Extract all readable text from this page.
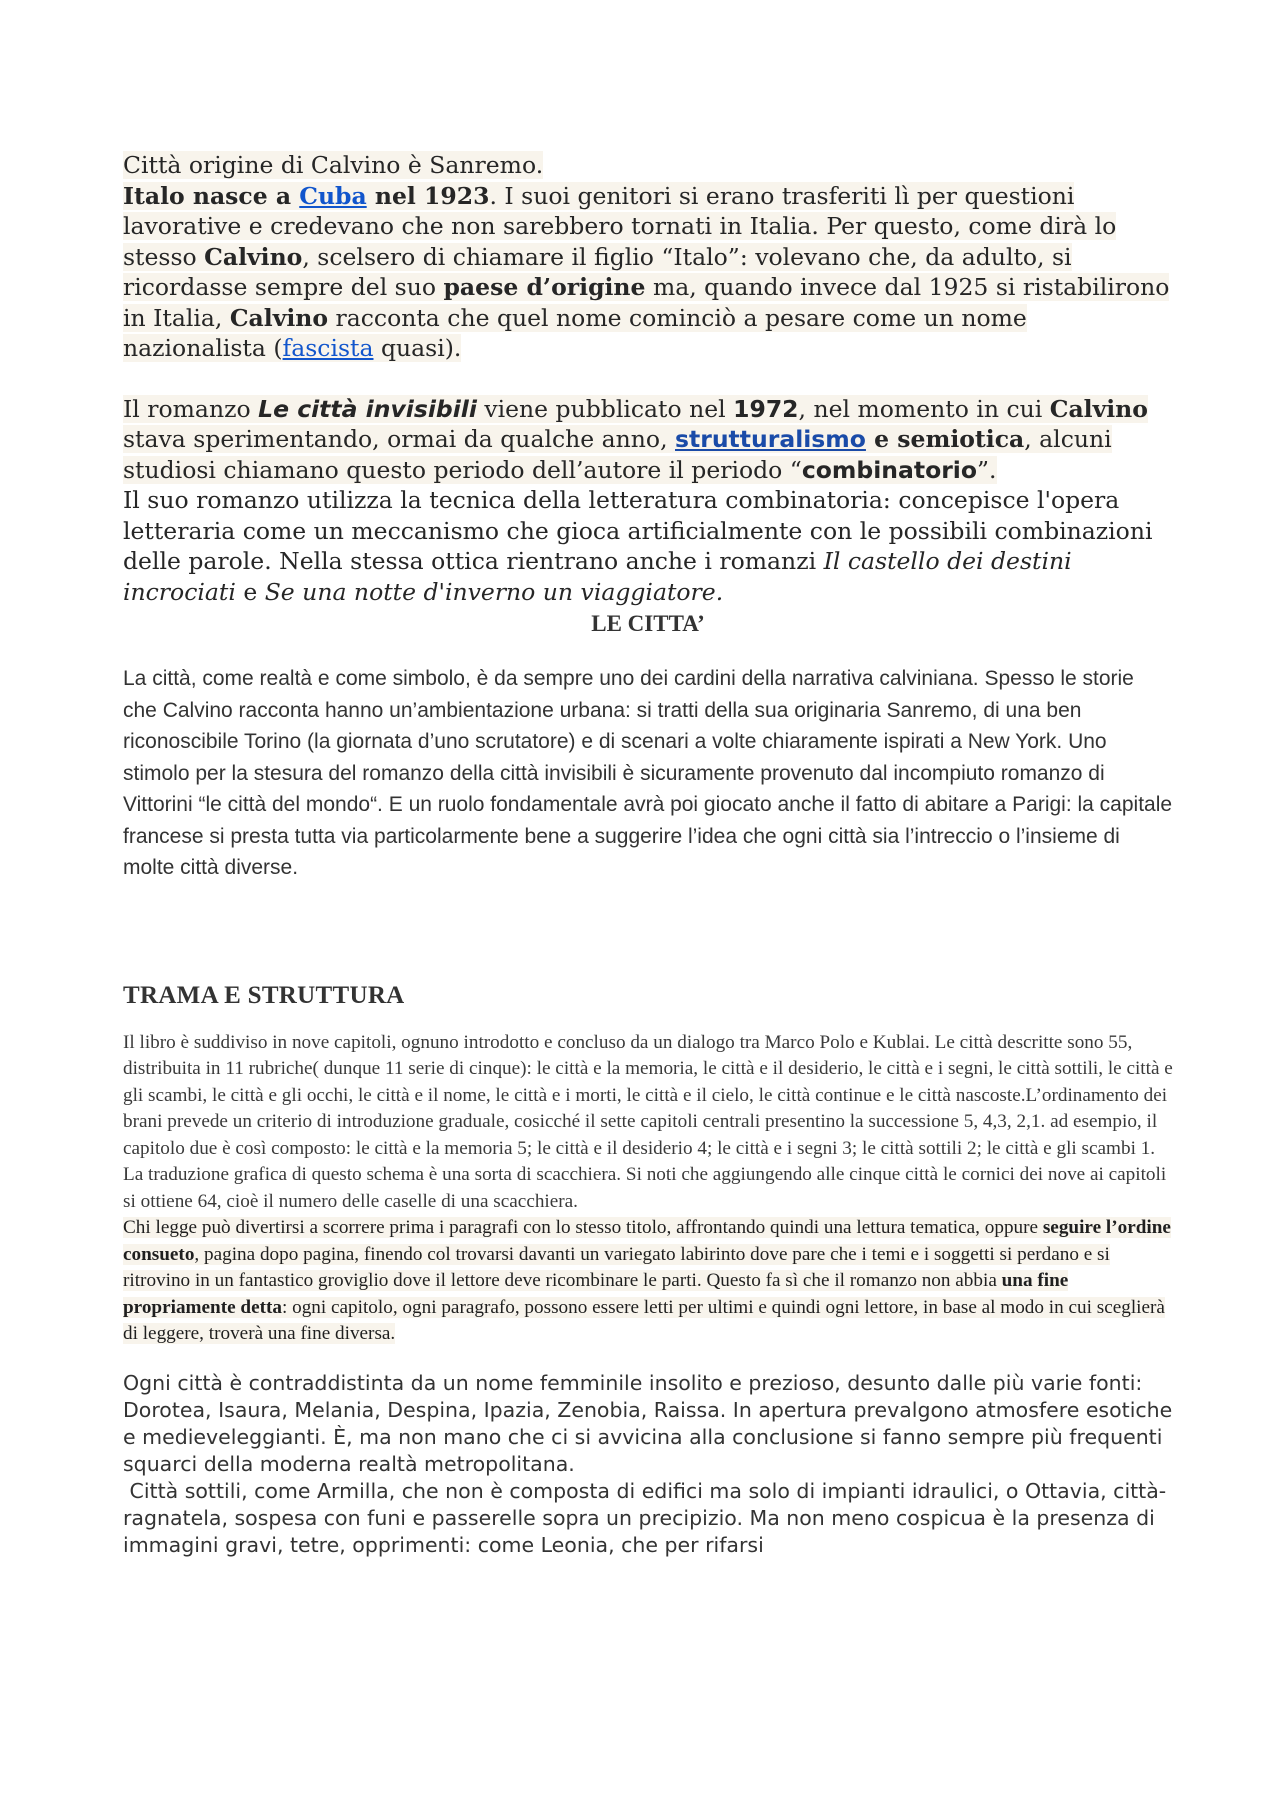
Città origine di Calvino è Sanremo.

Italo nasce a Cuba nel 1923. I suoi genitori si erano trasferiti lì per questioni lavorative e credevano che non sarebbero tornati in Italia. Per questo, come dirà lo stesso Calvino, scelsero di chiamare il figlio “Italo”: volevano che, da adulto, si ricordasse sempre del suo paese d’origine ma, quando invece dal 1925 si ristabilirono in Italia, Calvino racconta che quel nome cominciò a pesare come un nome nazionalista (fascista quasi).

Il romanzo Le città invisibili viene pubblicato nel 1972, nel momento in cui Calvino stava sperimentando, ormai da qualche anno, strutturalismo e semiotica, alcuni studiosi chiamano questo periodo dell’autore il periodo “combinatorio”.

Il suo romanzo utilizza la tecnica della letteratura combinatoria: concepisce l'opera letteraria come un meccanismo che gioca artificialmente con le possibili combinazioni delle parole. Nella stessa ottica rientrano anche i romanzi Il castello dei destini incrociati e Se una notte d'inverno un viaggiatore.

LE CITTA’

La città, come realtà e come simbolo, è da sempre uno dei cardini della narrativa calviniana. Spesso le storie che Calvino racconta hanno un’ambientazione urbana: si tratti della sua originaria Sanremo, di una ben riconoscibile Torino (la giornata d’uno scrutatore) e di scenari a volte chiaramente ispirati a New York. Uno stimolo per la stesura del romanzo della città invisibili è sicuramente provenuto dal incompiuto romanzo di Vittorini “le città del mondo“. E un ruolo fondamentale avrà poi giocato anche il fatto di abitare a Parigi: la capitale francese si presta tutta via particolarmente bene a suggerire l’idea che ogni città sia l’intreccio o l’insieme di molte città diverse.

TRAMA E STRUTTURA

Il libro è suddiviso in nove capitoli, ognuno introdotto e concluso da un dialogo tra Marco Polo e Kublai. Le città descritte sono 55, distribuita in 11 rubriche( dunque 11 serie di cinque): le città e la memoria, le città e il desiderio, le città e i segni, le città sottili, le città e gli scambi, le città e gli occhi, le città e il nome, le città e i morti, le città e il cielo, le città continue e le città nascoste.L’ordinamento dei brani prevede un criterio di introduzione graduale, cosicché il sette capitoli centrali presentino la successione 5, 4,3, 2,1. ad esempio, il capitolo due è così composto: le città e la memoria 5; le città e il desiderio 4; le città e i segni 3; le città sottili 2; le città e gli scambi 1. La traduzione grafica di questo schema è una sorta di scacchiera. Si noti che aggiungendo alle cinque città le cornici dei nove ai capitoli si ottiene 64, cioè il numero delle caselle di una scacchiera.

Chi legge può divertirsi a scorrere prima i paragrafi con lo stesso titolo, affrontando quindi una lettura tematica, oppure seguire l’ordine consueto, pagina dopo pagina, finendo col trovarsi davanti un variegato labirinto dove pare che i temi e i soggetti si perdano e si ritrovino in un fantastico groviglio dove il lettore deve ricombinare le parti. Questo fa sì che il romanzo non abbia una fine propriamente detta: ogni capitolo, ogni paragrafo, possono essere letti per ultimi e quindi ogni lettore, in base al modo in cui sceglierà di leggere, troverà una fine diversa.

Ogni città è contraddistinta da un nome femminile insolito e prezioso, desunto dalle più varie fonti: Dorotea, Isaura, Melania, Despina, Ipazia, Zenobia, Raissa. In apertura prevalgono atmosfere esotiche e medieveleggianti. È, ma non mano che ci si avvicina alla conclusione si fanno sempre più frequenti squarci della moderna realtà metropolitana.

Città sottili, come Armilla, che non è composta di edifici ma solo di impianti idraulici, o Ottavia, città-ragnatela, sospesa con funi e passerelle sopra un precipizio. Ma non meno cospicua è la presenza di immagini gravi, tetre, opprimenti: come Leonia, che per rifarsi
